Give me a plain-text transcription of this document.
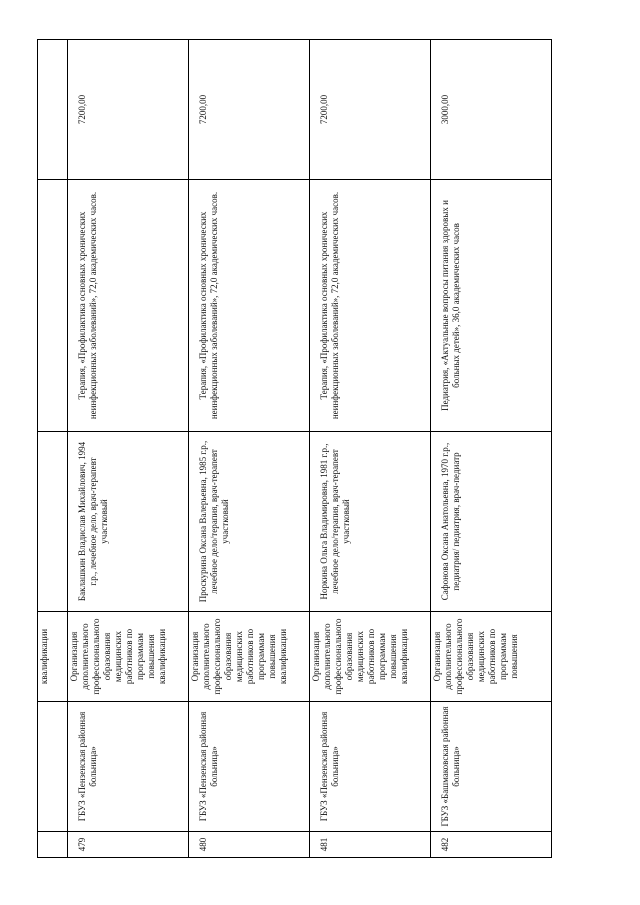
		квалификации			

479	ГБУЗ «Пензенская районная больница»	Организация дополнительного профессионального образования медицинских работников по программам повышения квалификации	Баклашкин Владислав Михайлович, 1994 г.р., лечебное дело, врач-терапевт участковый	Терапия, «Профилактика основных хронических неинфекционных заболеваний», 72,0 академических часов.	7200,00

480	ГБУЗ «Пензенская районная больница»	Организация дополнительного профессионального образования медицинских работников по программам повышения квалификации	Проскурина Оксана Валерьевна, 1985 г.р., лечебное дело/терапия, врач-терапевт участковый	Терапия, «Профилактика основных хронических неинфекционных заболеваний», 72,0 академических часов.	7200,00

481	ГБУЗ «Пензенская районная больница»	Организация дополнительного профессионального образования медицинских работников по программам повышения квалификации	Норкина Ольга Владимировна, 1981 г.р., лечебное дело/терапия, врач-терапевт участковый	Терапия, «Профилактика основных хронических неинфекционных заболеваний», 72,0 академических часов.	7200,00

482	ГБУЗ «Башмаковская районная больница»	Организация дополнительного профессионального образования медицинских работников по программам повышения	Сафонова Оксана Анатольевна, 1970 г.р., педиатрия/ педиатрия, врач-педиатр	Педиатрия, «Актуальные вопросы питания здоровых и больных детей», 36,0 академических часов	3000,00
